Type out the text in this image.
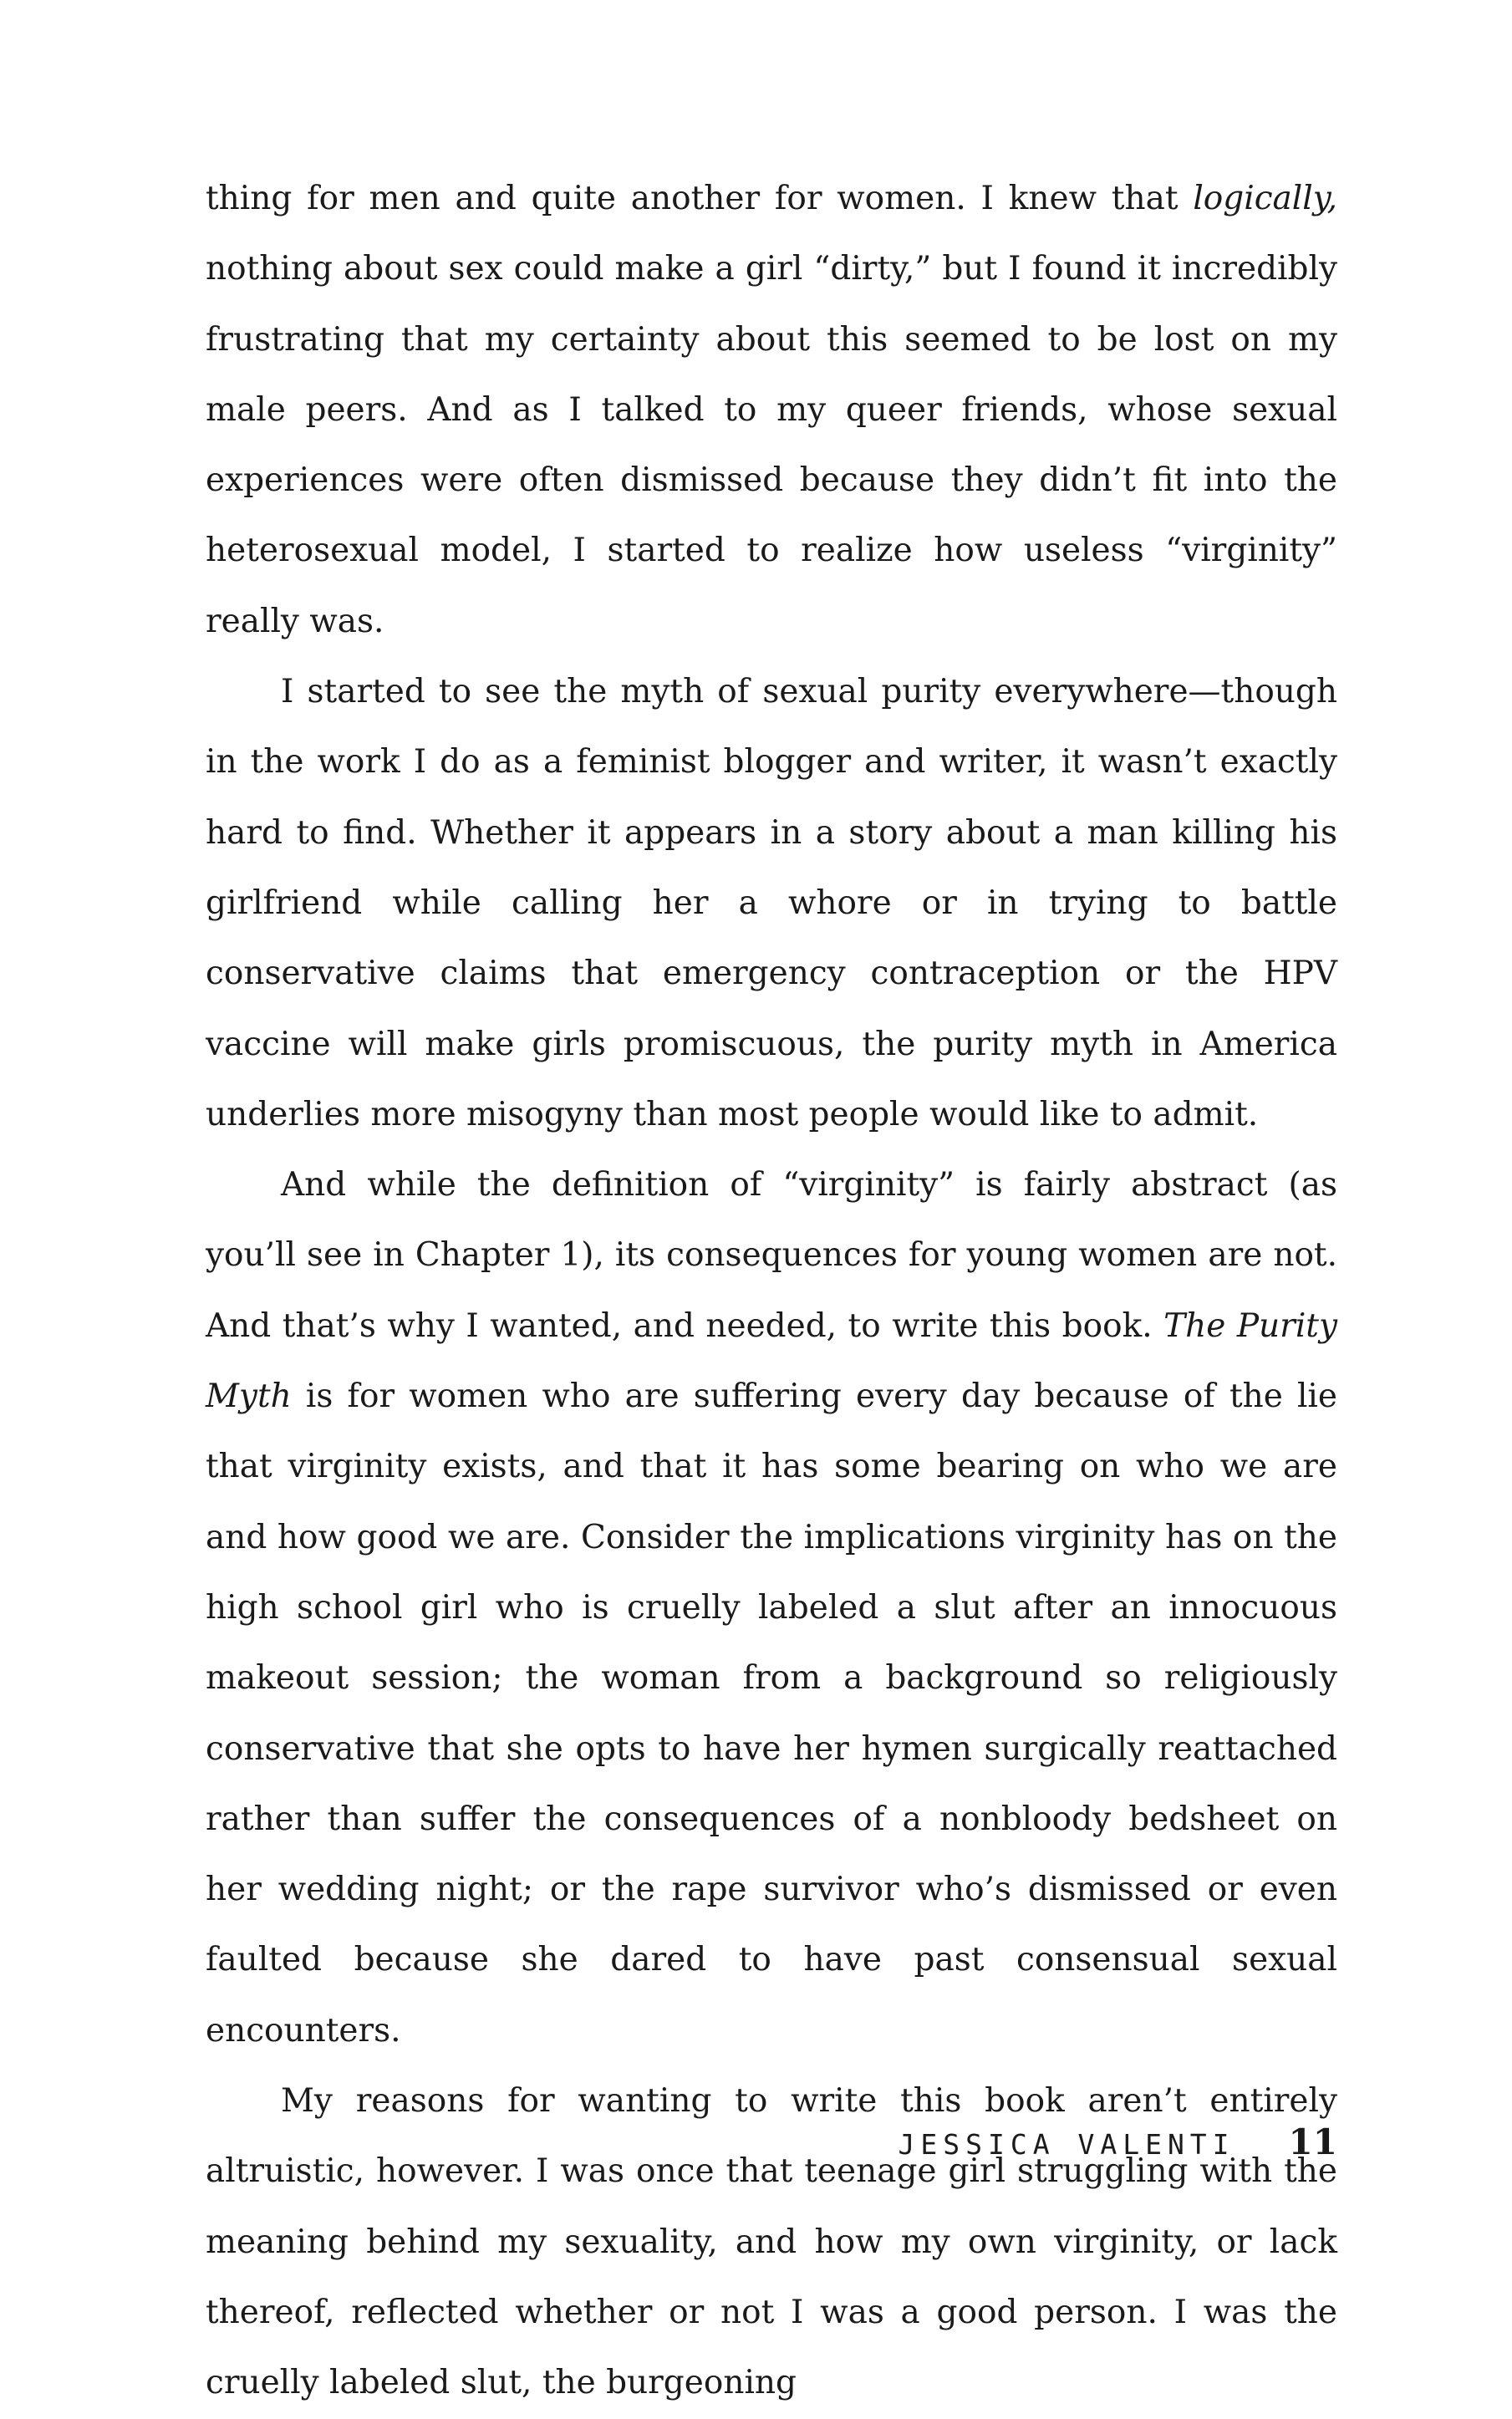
thing for men and quite another for women. I knew that logically, nothing about sex could make a girl “dirty,” but I found it incredibly frustrating that my certainty about this seemed to be lost on my male peers. And as I talked to my queer friends, whose sexual experiences were often dismissed because they didn’t fit into the heterosexual model, I started to realize how useless “virginity” really was.

I started to see the myth of sexual purity everywhere—though in the work I do as a feminist blogger and writer, it wasn’t exactly hard to find. Whether it appears in a story about a man killing his girlfriend while calling her a whore or in trying to battle conservative claims that emergency contraception or the HPV vaccine will make girls promiscuous, the purity myth in America underlies more misogyny than most people would like to admit.

And while the definition of “virginity” is fairly abstract (as you’ll see in Chapter 1), its consequences for young women are not. And that’s why I wanted, and needed, to write this book. The Purity Myth is for women who are suffering every day because of the lie that virginity exists, and that it has some bearing on who we are and how good we are. Consider the implications virginity has on the high school girl who is cruelly labeled a slut after an innocuous makeout session; the woman from a background so religiously conservative that she opts to have her hymen surgically reattached rather than suffer the consequences of a nonbloody bedsheet on her wedding night; or the rape survivor who’s dismissed or even faulted because she dared to have past consensual sexual encounters.

My reasons for wanting to write this book aren’t entirely altruistic, however. I was once that teenage girl struggling with the meaning behind my sexuality, and how my own virginity, or lack thereof, reflected whether or not I was a good person. I was the cruelly labeled slut, the burgeoning

JESSICA VALENTI 11
